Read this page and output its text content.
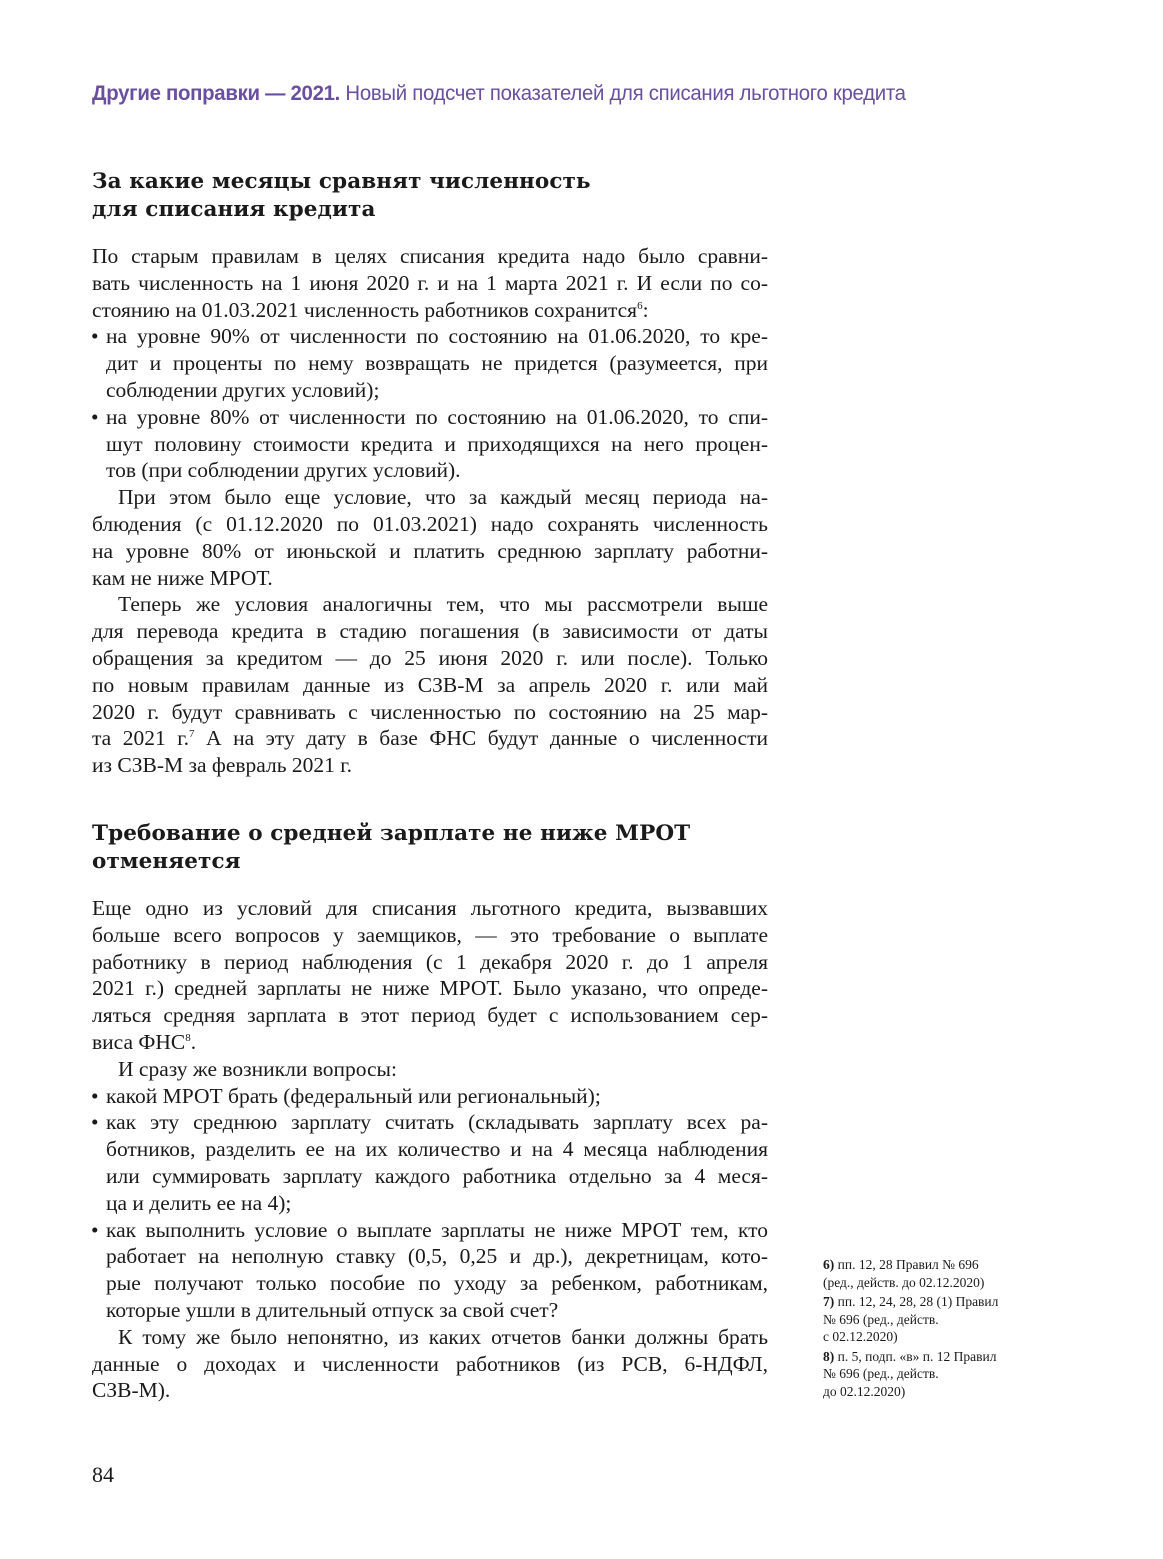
Другие поправки — 2021. Новый подсчет показателей для списания льготного кредита
За какие месяцы сравнят численность
для списания кредита
По старым правилам в целях списания кредита надо было сравни-
вать численность на 1 июня 2020 г. и на 1 марта 2021 г. И если по со-
стоянию на 01.03.2021 численность работников сохранится$^6$:
• на уровне 90% от численности по состоянию на 01.06.2020, то кре-
дит и проценты по нему возвращать не придется (разумеется, при
соблюдении других условий);
• на уровне 80% от численности по состоянию на 01.06.2020, то спи-
шут половину стоимости кредита и приходящихся на него процен-
тов (при соблюдении других условий).
При этом было еще условие, что за каждый месяц периода на-
блюдения (с 01.12.2020 по 01.03.2021) надо сохранять численность
на уровне 80% от июньской и платить среднюю зарплату работни-
кам не ниже МРОТ.
Теперь же условия аналогичны тем, что мы рассмотрели выше
для перевода кредита в стадию погашения (в зависимости от даты
обращения за кредитом — до 25 июня 2020 г. или после). Только
по новым правилам данные из СЗВ-М за апрель 2020 г. или май
2020 г. будут сравнивать с численностью по состоянию на 25 мар-
та 2021 г.$^7$ А на эту дату в базе ФНС будут данные о численности
из СЗВ-М за февраль 2021 г.
Требование о средней зарплате не ниже МРОТ
отменяется
Еще одно из условий для списания льготного кредита, вызвавших
больше всего вопросов у заемщиков, — это требование о выплате
работнику в период наблюдения (с 1 декабря 2020 г. до 1 апреля
2021 г.) средней зарплаты не ниже МРОТ. Было указано, что опреде-
ляться средняя зарплата в этот период будет с использованием сер-
виса ФНС$^8$.
И сразу же возникли вопросы:
• какой МРОТ брать (федеральный или региональный);
• как эту среднюю зарплату считать (складывать зарплату всех ра-
ботников, разделить ее на их количество и на 4 месяца наблюдения
или суммировать зарплату каждого работника отдельно за 4 меся-
ца и делить ее на 4);
• как выполнить условие о выплате зарплаты не ниже МРОТ тем, кто
работает на неполную ставку (0,5, 0,25 и др.), декретницам, кото-
рые получают только пособие по уходу за ребенком, работникам,
которые ушли в длительный отпуск за свой счет?
К тому же было непонятно, из каких отчетов банки должны брать
данные о доходах и численности работников (из РСВ, 6-НДФЛ,
СЗВ-М).
6) пп. 12, 28 Правил № 696
(ред., действ. до 02.12.2020)
7) пп. 12, 24, 28, 28 (1) Правил
№ 696 (ред., действ.
с 02.12.2020)
8) п. 5, подп. «в» п. 12 Правил
№ 696 (ред., действ.
до 02.12.2020)
84
